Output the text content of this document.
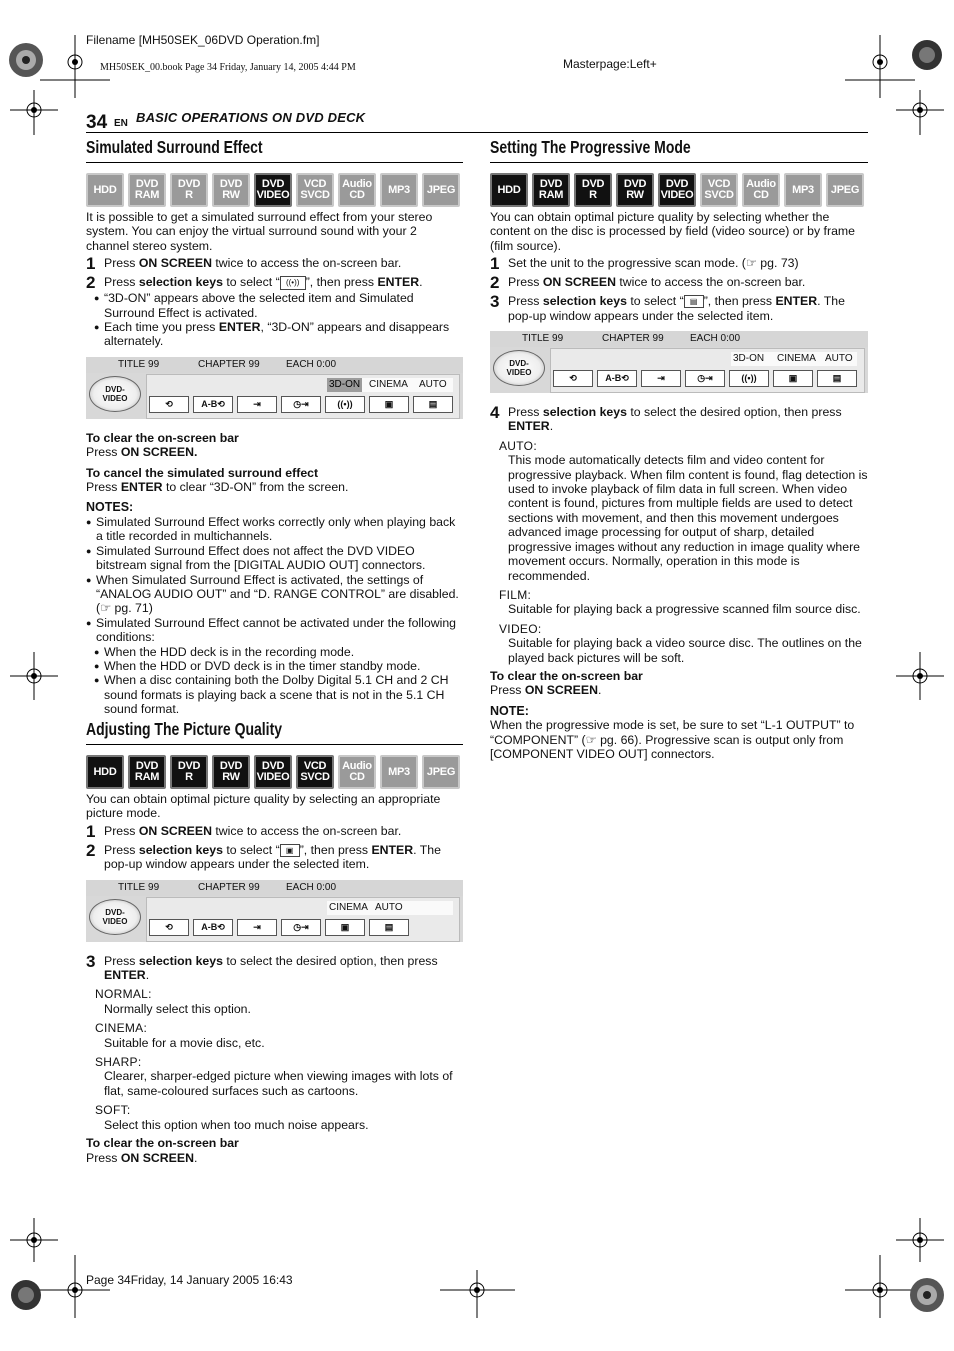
Filename [MH50SEK_06DVD Operation.fm]
MH50SEK_00.book Page 34 Friday, January 14, 2005 4:44 PM	Masterpage:Left+
Page 34Friday, 14 January 2005 16:43
34 EN BASIC OPERATIONS ON DVD DECK
Simulated Surround Effect
HDD	DVD
RAM
DVD
R
DVD
RW
DVD
VIDEO
VCD
SVCD
Audio
CD	MP3	JPEG

It is possible to get a simulated surround effect from your stereo system. You can enjoy the virtual surround sound with your 2 channel stereo system.

1 Press ON SCREEN twice to access the on-screen bar.
2 Press selection keys to select “ ((•)) ”, then press ENTER.
● “3D-ON” appears above the selected item and Simulated Surround Effect is activated.
● Each time you press ENTER, “3D-ON” appears and disappears alternately.
TITLE 99	CHAPTER 99	EACH 0:00
DVD-
VIDEO
3D-ON CINEMA AUTO
⟲	A-B ⟲	⇥	◷⇥	((•))	▣	▤

To clear the on-screen bar

Press ON SCREEN.

To cancel the simulated surround effect

Press ENTER to clear “3D-ON” from the screen.

NOTES:

● Simulated Surround Effect works correctly only when playing back a title recorded in multichannels.
● Simulated Surround Effect does not affect the DVD VIDEO bitstream signal from the [DIGITAL AUDIO OUT] connectors.
● When Simulated Surround Effect is activated, the settings of “ANALOG AUDIO OUT” and “D. RANGE CONTROL” are disabled. (☞ pg. 71)
● Simulated Surround Effect cannot be activated under the following conditions:
● When the HDD deck is in the recording mode.
● When the HDD or DVD deck is in the timer standby mode.
● When a disc containing both the Dolby Digital 5.1 CH and 2 CH sound formats is playing back a scene that is not in the 5.1 CH sound format.
Adjusting The Picture Quality
HDD	DVD
RAM
DVD
R
DVD
RW
DVD
VIDEO
VCD
SVCD
Audio
CD	MP3	JPEG

You can obtain optimal picture quality by selecting an appropriate picture mode.

1 Press ON SCREEN twice to access the on-screen bar.
2 Press selection keys to select “ ▣ ”, then press ENTER. The pop-up window appears under the selected item.
TITLE 99	CHAPTER 99	EACH 0:00
DVD-
VIDEO
CINEMA AUTO
⟲	A-B ⟲	⇥	◷⇥	▣	▤
3 Press selection keys to select the desired option, then press ENTER.

NORMAL:

Normally select this option.

CINEMA:

Suitable for a movie disc, etc.

SHARP:

Clearer, sharper-edged picture when viewing images with lots of flat, same-coloured surfaces such as cartoons.

SOFT:

Select this option when too much noise appears.

To clear the on-screen bar

Press ON SCREEN.

Setting The Progressive Mode
HDD	DVD
RAM
DVD
R
DVD
RW
DVD
VIDEO
VCD
SVCD
Audio
CD	MP3	JPEG

You can obtain optimal picture quality by selecting whether the content on the disc is processed by field (video source) or by frame (film source).

1 Set the unit to the progressive scan mode. (☞ pg. 73)
2 Press ON SCREEN twice to access the on-screen bar.
3 Press selection keys to select “ ▤ ”, then press ENTER. The pop-up window appears under the selected item.
TITLE 99	CHAPTER 99	EACH 0:00
DVD-
VIDEO
3D-ON CINEMA AUTO
⟲	A-B ⟲	⇥	◷⇥	((•))	▣	▤
4 Press selection keys to select the desired option, then press ENTER.

AUTO:

This mode automatically detects film and video content for progressive playback. When film content is found, flag detection is used to invoke playback of film data in full screen. When video content is found, pictures from multiple fields are used to detect sections with movement, and then this movement undergoes advanced image processing for output of sharp, detailed progressive images without any reduction in image quality where movement occurs. Normally, operation in this mode is recommended.

FILM:

Suitable for playing back a progressive scanned film source disc.

VIDEO:

Suitable for playing back a video source disc. The outlines on the played back pictures will be soft.

To clear the on-screen bar

Press ON SCREEN.

NOTE:

When the progressive mode is set, be sure to set “L-1 OUTPUT” to “COMPONENT” (☞ pg. 66). Progressive scan is output only from [COMPONENT VIDEO OUT] connectors.
